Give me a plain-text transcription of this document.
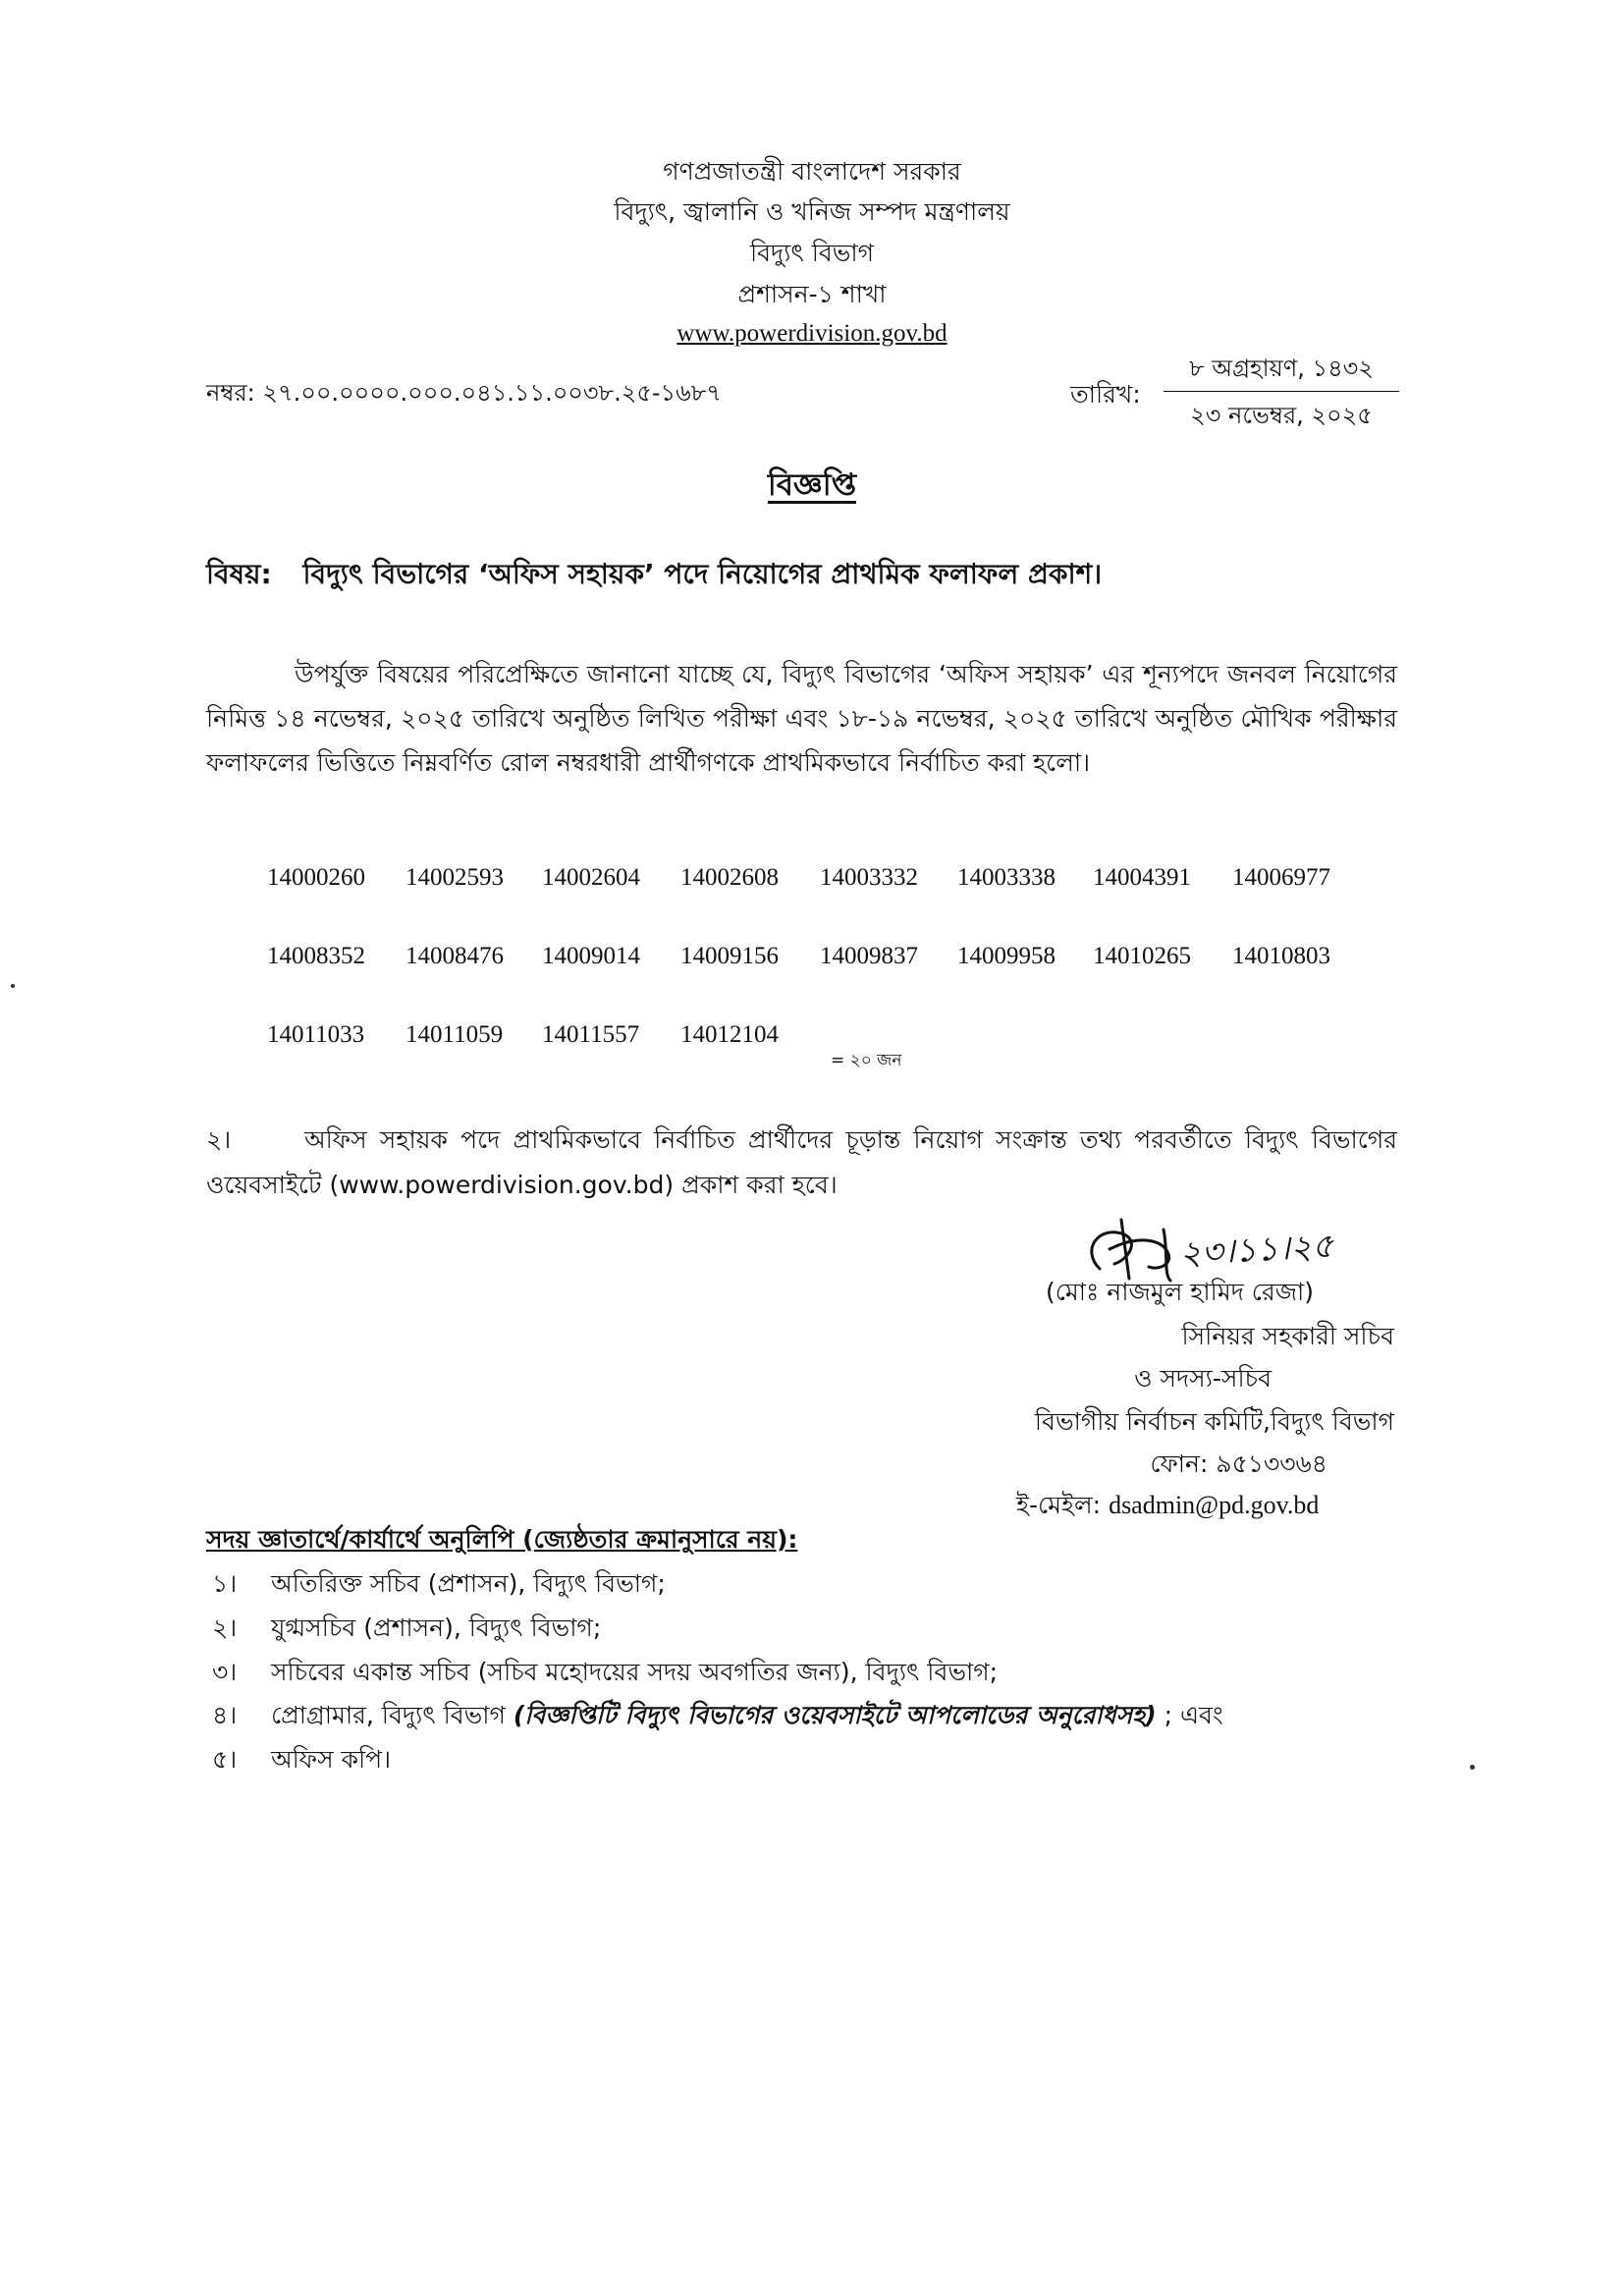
গণপ্রজাতন্ত্রী বাংলাদেশ সরকার
বিদ্যুৎ, জ্বালানি ও খনিজ সম্পদ মন্ত্রণালয়
বিদ্যুৎ বিভাগ
প্রশাসন-১ শাখা
www.powerdivision.gov.bd
নম্বর: ২৭.০০.০০০০.০০০.০৪১.১১.০০৩৮.২৫-১৬৮৭	তারিখ:
৮ অগ্রহায়ণ, ১৪৩২
২৩ নভেম্বর, ২০২৫
বিজ্ঞপ্তি
বিষয়: বিদ্যুৎ বিভাগের ‘অফিস সহায়ক’ পদে নিয়োগের প্রাথমিক ফলাফল প্রকাশ।
উপর্যুক্ত বিষয়ের পরিপ্রেক্ষিতে জানানো যাচ্ছে যে, বিদ্যুৎ বিভাগের ‘অফিস সহায়ক’ এর শূন্যপদে জনবল নিয়োগের নিমিত্ত ১৪ নভেম্বর, ২০২৫ তারিখে অনুষ্ঠিত লিখিত পরীক্ষা এবং ১৮-১৯ নভেম্বর, ২০২৫ তারিখে অনুষ্ঠিত মৌখিক পরীক্ষার ফলাফলের ভিত্তিতে নিম্নবর্ণিত রোল নম্বরধারী প্রার্থীগণকে প্রাথমিকভাবে নির্বাচিত করা হলো।
14000260 14002593 14002604 14002608 14003332 14003338 14004391 14006977
14008352 14008476 14009014 14009156 14009837 14009958 14010265 14010803
14011033 14011059 14011557 14012104
= ২০ জন
২।	অফিস সহায়ক পদে প্রাথমিকভাবে নির্বাচিত প্রার্থীদের চূড়ান্ত নিয়োগ সংক্রান্ত তথ্য পরবর্তীতে বিদ্যুৎ বিভাগের ওয়েবসাইটে (www.powerdivision.gov.bd) প্রকাশ করা হবে।
২৩।১১।২৫
(মোঃ নাজমুল হামিদ রেজা)
সিনিয়র সহকারী সচিব
ও সদস্য-সচিব
বিভাগীয় নির্বাচন কমিটি,বিদ্যুৎ বিভাগ
ফোন: ৯৫১৩৩৬৪
ই-মেইল: dsadmin@pd.gov.bd
সদয় জ্ঞাতার্থে/কার্যার্থে অনুলিপি (জ্যেষ্ঠতার ক্রমানুসারে নয়):
১। অতিরিক্ত সচিব (প্রশাসন), বিদ্যুৎ বিভাগ;
২। যুগ্মসচিব (প্রশাসন), বিদ্যুৎ বিভাগ;
৩। সচিবের একান্ত সচিব (সচিব মহোদয়ের সদয় অবগতির জন্য), বিদ্যুৎ বিভাগ;
৪। প্রোগ্রামার, বিদ্যুৎ বিভাগ (বিজ্ঞপ্তিটি বিদ্যুৎ বিভাগের ওয়েবসাইটে আপলোডের অনুরোধসহ) ; এবং
৫। অফিস কপি।
